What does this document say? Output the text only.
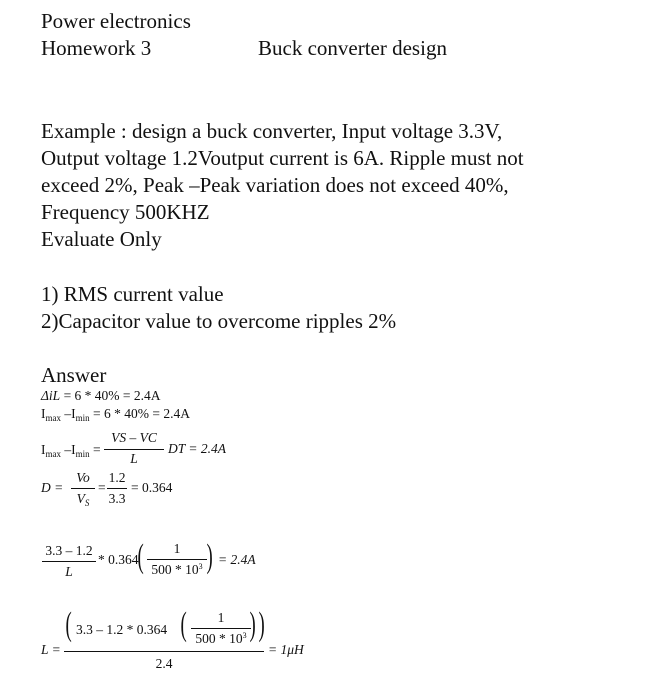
Power electronics
Homework 3	Buck converter design
Example : design a buck converter, Input voltage 3.3V,
Output voltage 1.2Voutput current is 6A. Ripple must not
exceed 2%, Peak –Peak variation does not exceed 40%,
Frequency 500KHZ
Evaluate Only
1) RMS current value
2)Capacitor value to overcome ripples 2%
Answer
ΔiL = 6 * 40% = 2.4A
$I_{max}$ $-I_{min} = 6 * 40\% = 2.4A$
$I_{max}$ $-I_{min}$ =
VS – VC
L
DT = 2.4A
D =
Vo
$V_S$
=
1.2
3.3
= 0.364
3.3 – 1.2
L
* 0.364 (	1
$500 * 10^3$ ) = 2.4A
L =
( 3.3 – 1.2 * 0.364 (	1
$500 * 10^3$ ) )
2.4
= 1μH
